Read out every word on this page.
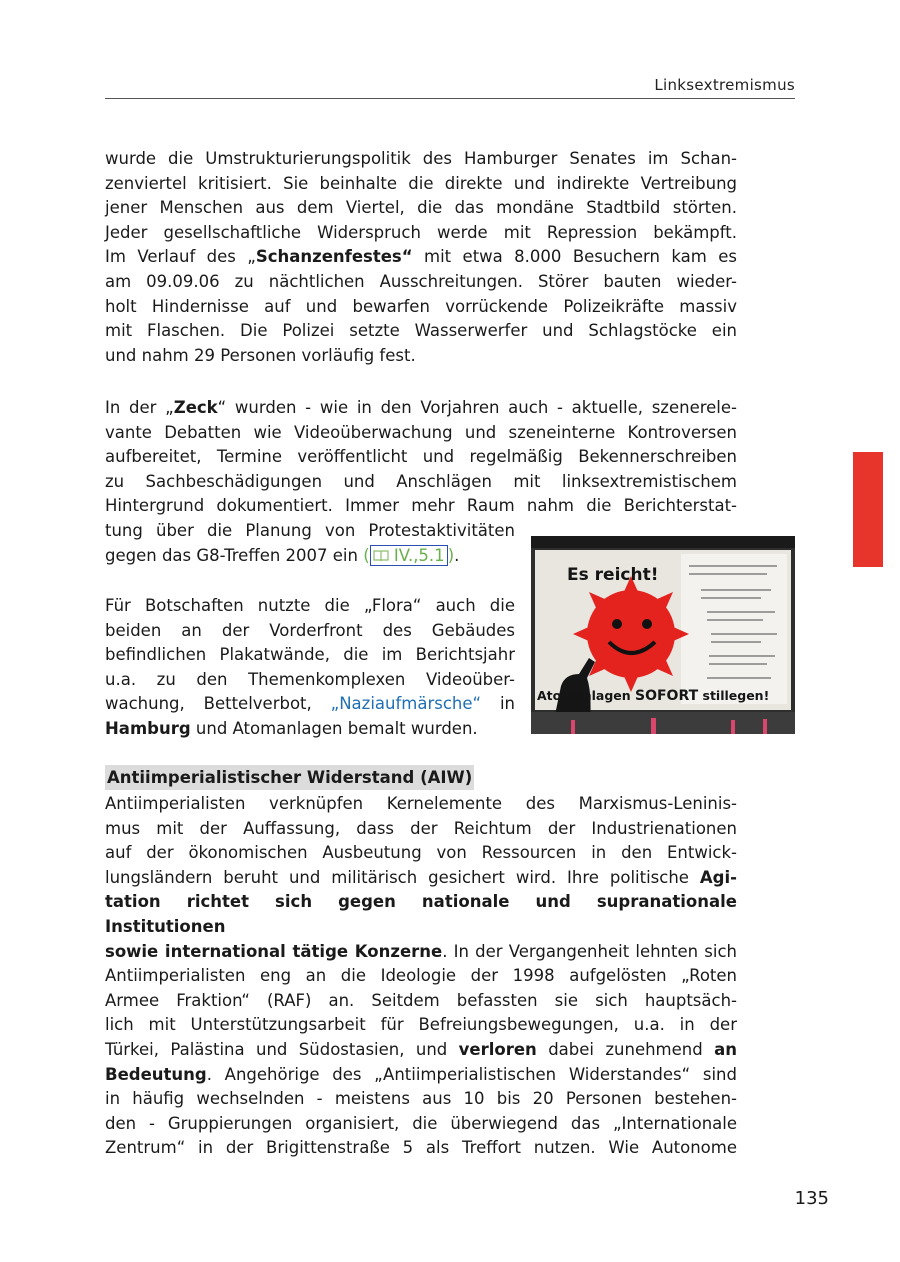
Linksextremismus
wurde die Umstrukturierungspolitik des Hamburger Senates im Schan-
zenviertel kritisiert. Sie beinhalte die direkte und indirekte Vertreibung
jener Menschen aus dem Viertel, die das mondäne Stadtbild störten.
Jeder gesellschaftliche Widerspruch werde mit Repression bekämpft.
Im Verlauf des „Schanzenfestes“ mit etwa 8.000 Besuchern kam es
am 09.09.06 zu nächtlichen Ausschreitungen. Störer bauten wieder-
holt Hindernisse auf und bewarfen vorrückende Polizeikräfte massiv
mit Flaschen. Die Polizei setzte Wasserwerfer und Schlagstöcke ein
und nahm 29 Personen vorläufig fest.
In der „Zeck“ wurden - wie in den Vorjahren auch - aktuelle, szenerele-
vante Debatten wie Videoüberwachung und szeneinterne Kontroversen
aufbereitet, Termine veröffentlicht und regelmäßig Bekennerschreiben
zu Sachbeschädigungen und Anschlägen mit linksextremistischem
Hintergrund dokumentiert. Immer mehr Raum nahm die Berichterstat-
tung über die Planung von Protestaktivitäten
gegen das G8-Treffen 2007 ein ( IV.,5.1 ).
Es reicht!
Atomanlagen SOFORT stillegen!
Für Botschaften nutzte die „Flora“ auch die
beiden an der Vorderfront des Gebäudes
befindlichen Plakatwände, die im Berichtsjahr
u.a. zu den Themenkomplexen Videoüber-
wachung, Bettelverbot, „Naziaufmärsche“ in
Hamburg und Atomanlagen bemalt wurden.
Antiimperialistischer Widerstand (AIW)
Antiimperialisten verknüpfen Kernelemente des Marxismus-Leninis-
mus mit der Auffassung, dass der Reichtum der Industrienationen
auf der ökonomischen Ausbeutung von Ressourcen in den Entwick-
lungsländern beruht und militärisch gesichert wird. Ihre politische Agi-
tation richtet sich gegen nationale und supranationale Institutionen
sowie international tätige Konzerne. In der Vergangenheit lehnten sich
Antiimperialisten eng an die Ideologie der 1998 aufgelösten „Roten
Armee Fraktion“ (RAF) an. Seitdem befassten sie sich hauptsäch-
lich mit Unterstützungsarbeit für Befreiungsbewegungen, u.a. in der
Türkei, Palästina und Südostasien, und verloren dabei zunehmend an
Bedeutung. Angehörige des „Antiimperialistischen Widerstandes“ sind
in häufig wechselnden - meistens aus 10 bis 20 Personen bestehen-
den - Gruppierungen organisiert, die überwiegend das „Internationale
Zentrum“ in der Brigittenstraße 5 als Treffort nutzen. Wie Autonome
135
